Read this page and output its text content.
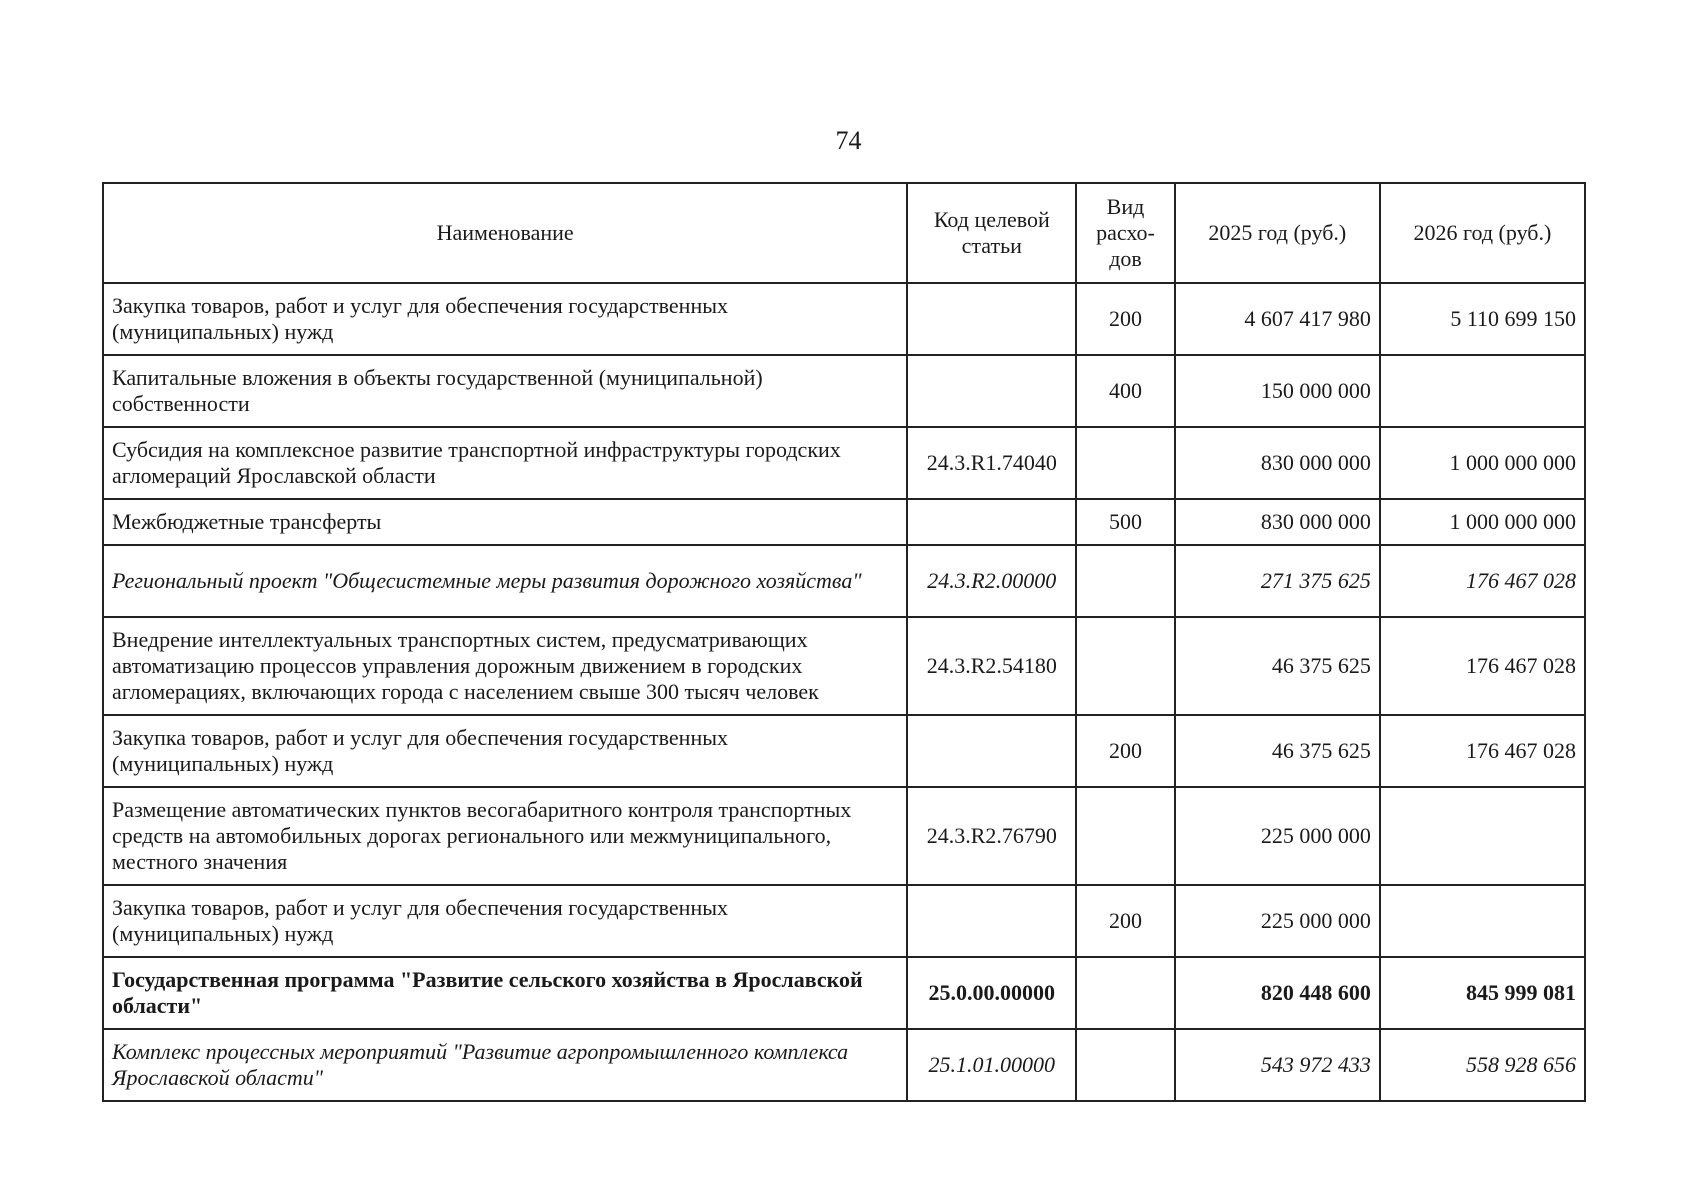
74
Наименование	Код целевой статьи	Вид расхо-дов	2025 год (руб.)	2026 год (руб.)
Закупка товаров, работ и услуг для обеспечения государственных (муниципальных) нужд		200	4 607 417 980	5 110 699 150
Капитальные вложения в объекты государственной (муниципальной) собственности		400	150 000 000	
Субсидия на комплексное развитие транспортной инфраструктуры городских агломераций Ярославской области	24.3.R1.74040		830 000 000	1 000 000 000
Межбюджетные трансферты		500	830 000 000	1 000 000 000
Региональный проект "Общесистемные меры развития дорожного хозяйства"	24.3.R2.00000		271 375 625	176 467 028
Внедрение интеллектуальных транспортных систем, предусматривающих автоматизацию процессов управления дорожным движением в городских агломерациях, включающих города с населением свыше 300 тысяч человек	24.3.R2.54180		46 375 625	176 467 028
Закупка товаров, работ и услуг для обеспечения государственных (муниципальных) нужд		200	46 375 625	176 467 028
Размещение автоматических пунктов весогабаритного контроля транспортных средств на автомобильных дорогах регионального или межмуниципального, местного значения	24.3.R2.76790		225 000 000	
Закупка товаров, работ и услуг для обеспечения государственных (муниципальных) нужд		200	225 000 000	
Государственная программа "Развитие сельского хозяйства в Ярославской области"	25.0.00.00000		820 448 600	845 999 081
Комплекс процессных мероприятий "Развитие агропромышленного комплекса Ярославской области"	25.1.01.00000		543 972 433	558 928 656
